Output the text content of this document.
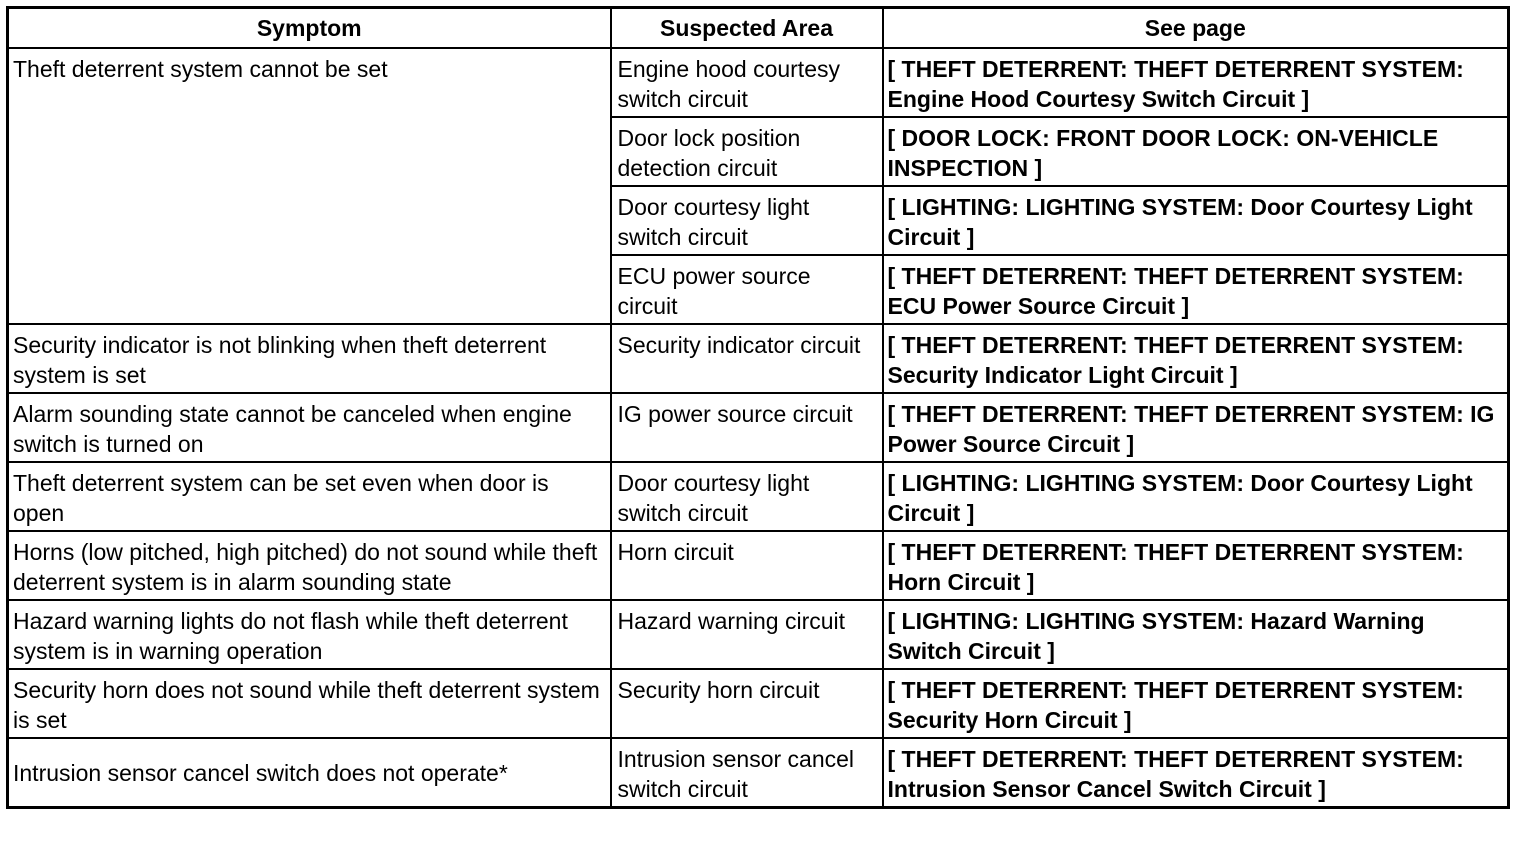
Symptom	Suspected Area	See page
Theft deterrent system cannot be set	Engine hood courtesy switch circuit	[ THEFT DETERRENT: THEFT DETERRENT SYSTEM: Engine Hood Courtesy Switch Circuit ]
	Door lock position detection circuit	[ DOOR LOCK: FRONT DOOR LOCK: ON-VEHICLE INSPECTION ]
	Door courtesy light switch circuit	[ LIGHTING: LIGHTING SYSTEM: Door Courtesy Light Circuit ]
	ECU power source circuit	[ THEFT DETERRENT: THEFT DETERRENT SYSTEM: ECU Power Source Circuit ]
Security indicator is not blinking when theft deterrent system is set	Security indicator circuit	[ THEFT DETERRENT: THEFT DETERRENT SYSTEM: Security Indicator Light Circuit ]
Alarm sounding state cannot be canceled when engine switch is turned on	IG power source circuit	[ THEFT DETERRENT: THEFT DETERRENT SYSTEM: IG Power Source Circuit ]
Theft deterrent system can be set even when door is open	Door courtesy light switch circuit	[ LIGHTING: LIGHTING SYSTEM: Door Courtesy Light Circuit ]
Horns (low pitched, high pitched) do not sound while theft deterrent system is in alarm sounding state	Horn circuit	[ THEFT DETERRENT: THEFT DETERRENT SYSTEM: Horn Circuit ]
Hazard warning lights do not flash while theft deterrent system is in warning operation	Hazard warning circuit	[ LIGHTING: LIGHTING SYSTEM: Hazard Warning Switch Circuit ]
Security horn does not sound while theft deterrent system is set	Security horn circuit	[ THEFT DETERRENT: THEFT DETERRENT SYSTEM: Security Horn Circuit ]
Intrusion sensor cancel switch does not operate*	Intrusion sensor cancel switch circuit	[ THEFT DETERRENT: THEFT DETERRENT SYSTEM: Intrusion Sensor Cancel Switch Circuit ]
